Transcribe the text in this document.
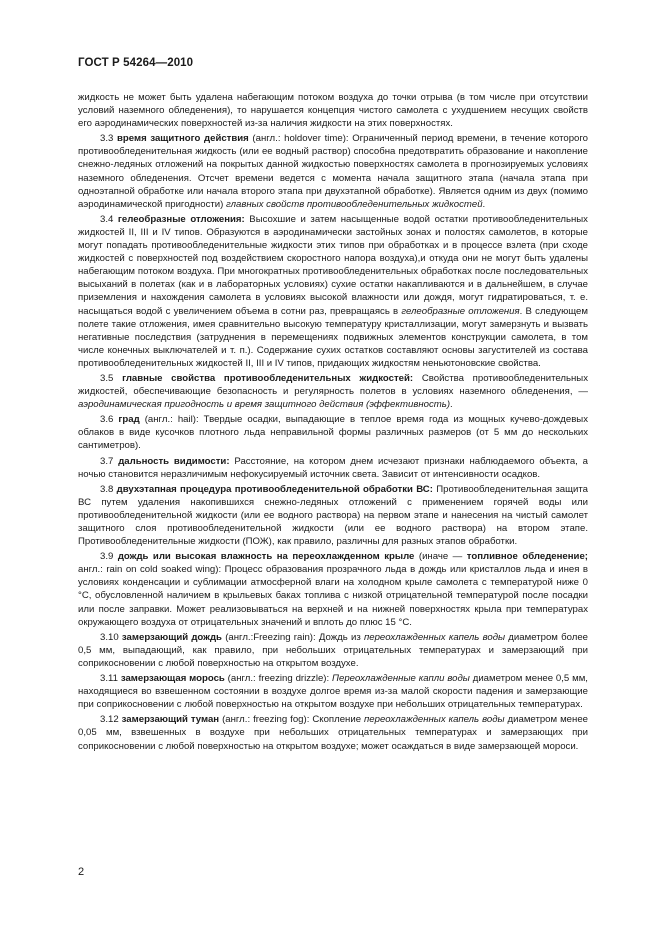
ГОСТ Р 54264—2010

жидкость не может быть удалена набегающим потоком воздуха до точки отрыва (в том числе при отсутствии условий наземного обледенения), то нарушается концепция чистого самолета с ухудшением несущих свойств его аэродинамических поверхностей из-за наличия жидкости на этих поверхностях.

3.3 время защитного действия (англ.: holdover time): Ограниченный период времени, в течение которого противообледенительная жидкость (или ее водный раствор) способна предотвратить образование и накопление снежно-ледяных отложений на покрытых данной жидкостью поверхностях самолета в прогнозируемых условиях наземного обледенения. Отсчет времени ведется с момента начала защитного этапа (начала этапа при одноэтапной обработке или начала второго этапа при двухэтапной обработке). Является одним из двух (помимо аэродинамической пригодности) главных свойств противообледенительных жидкостей.

3.4 гелеобразные отложения: Высохшие и затем насыщенные водой остатки противообледенительных жидкостей II, III и IV типов. Образуются в аэродинамически застойных зонах и полостях самолетов, в которые могут попадать противообледенительные жидкости этих типов при обработках и в процессе взлета (при сходе жидкостей с поверхностей под воздействием скоростного напора воздуха),и откуда они не могут быть удалены набегающим потоком воздуха. При многократных противообледенительных обработках после последовательных высыханий в полетах (как и в лабораторных условиях) сухие остатки накапливаются и в дальнейшем, в случае приземления и нахождения самолета в условиях высокой влажности или дождя, могут гидратироваться, т. е. насыщаться водой с увеличением объема в сотни раз, превращаясь в гелеобразные отложения. В следующем полете такие отложения, имея сравнительно высокую температуру кристаллизации, могут замерзнуть и вызвать негативные последствия (затруднения в перемещениях подвижных элементов конструкции самолета, в том числе конечных выключателей и т. п.). Содержание сухих остатков составляют основы загустителей из состава противообледенительных жидкостей II, III и IV типов, придающих жидкостям неньютоновские свойства.

3.5 главные свойства противообледенительных жидкостей: Свойства противообледенительных жидкостей, обеспечивающие безопасность и регулярность полетов в условиях наземного обледенения, — аэродинамическая пригодность и время защитного действия (эффективность).

3.6 град (англ.: hail): Твердые осадки, выпадающие в теплое время года из мощных кучево-дождевых облаков в виде кусочков плотного льда неправильной формы различных размеров (от 5 мм до нескольких сантиметров).

3.7 дальность видимости: Расстояние, на котором днем исчезают признаки наблюдаемого объекта, а ночью становится неразличимым нефокусируемый источник света. Зависит от интенсивности осадков.

3.8 двухэтапная процедура противообледенительной обработки ВС: Противообледенительная защита ВС путем удаления накопившихся снежно-ледяных отложений с применением горячей воды или противообледенительной жидкости (или ее водного раствора) на первом этапе и нанесения на чистый самолет защитного слоя противообледенительной жидкости (или ее водного раствора) на втором этапе. Противообледенительные жидкости (ПОЖ), как правило, различны для разных этапов обработки.

3.9 дождь или высокая влажность на переохлажденном крыле (иначе — топливное обледенение; англ.: rain on cold soaked wing): Процесс образования прозрачного льда в дождь или кристаллов льда и инея в условиях конденсации и сублимации атмосферной влаги на холодном крыле самолета с температурой ниже 0 °С, обусловленной наличием в крыльевых баках топлива с низкой отрицательной температурой после посадки или после заправки. Может реализовываться на верхней и на нижней поверхностях крыла при температурах окружающего воздуха от отрицательных значений и вплоть до плюс 15 °С.

3.10 замерзающий дождь (англ.:Freezing rain): Дождь из переохлажденных капель воды диаметром более 0,5 мм, выпадающий, как правило, при небольших отрицательных температурах и замерзающий при соприкосновении с любой поверхностью на открытом воздухе.

3.11 замерзающая морось (англ.: freezing drizzle): Переохлажденные капли воды диаметром менее 0,5 мм, находящиеся во взвешенном состоянии в воздухе долгое время из-за малой скорости падения и замерзающие при соприкосновении с любой поверхностью на открытом воздухе при небольших отрицательных температурах.

3.12 замерзающий туман (англ.: freezing fog): Скопление переохлажденных капель воды диаметром менее 0,05 мм, взвешенных в воздухе при небольших отрицательных температурах и замерзающих при соприкосновении с любой поверхностью на открытом воздухе; может осаждаться в виде замерзающей мороси.

2
